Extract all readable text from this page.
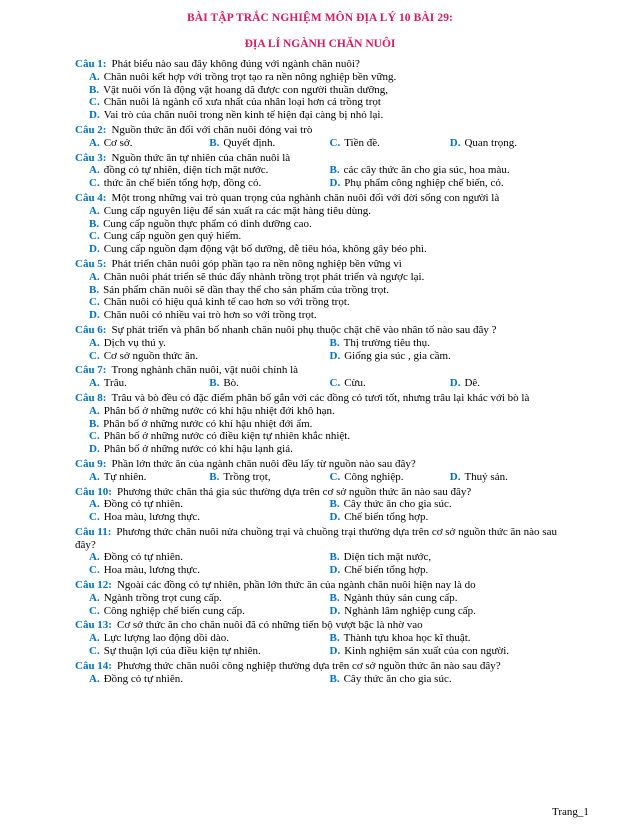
BÀI TẬP TRẮC NGHIỆM MÔN ĐỊA LÝ 10 BÀI 29:
ĐỊA LÍ NGÀNH CHĂN NUÔI
Câu 1: Phát biểu nào sau đây không đúng với ngành chăn nuôi?
A. Chăn nuôi kết hợp với trồng trọt tạo ra nền nông nghiệp bền vững.
B. Vật nuôi vốn là động vật hoang dã được con người thuần dưỡng,
C. Chăn nuôi là ngành cổ xưa nhất của nhân loại hơn cả trồng trọt
D. Vai trò của chăn nuôi trong nền kinh tế hiện đại càng bị nhỏ lại.
Câu 2: Nguồn thức ăn đối với chăn nuôi đóng vai trò
A. Cơ sở.	B. Quyết định.	C. Tiền đề.	D. Quan trọng.
Câu 3: Nguồn thức ăn tự nhiên của chăn nuôi là
A. đồng cỏ tự nhiên, diện tích mặt nước.	B. các cây thức ăn cho gia súc, hoa màu.
C. thức ăn chế biến tổng hợp, đồng cỏ.	D. Phụ phẩm công nghiệp chế biến, cỏ.
Câu 4: Một trong những vai trò quan trọng của nghành chăn nuôi đối với đời sống con người là
A. Cung cấp nguyên liệu để sản xuất ra các mặt hàng tiêu dùng.
B. Cung cấp nguồn thực phẩm có dinh dưỡng cao.
C. Cung cấp nguồn gen quý hiếm.
D. Cung cấp nguồn đạm động vật bổ dưỡng, dễ tiêu hóa, không gây béo phì.
Câu 5: Phát triển chăn nuôi góp phần tạo ra nền nông nghiệp bền vững vì
A. Chăn nuôi phát triển sẽ thúc đẩy nhành trồng trọt phát triển và ngược lại.
B. Sản phẩm chăn nuôi sẽ dần thay thế cho sản phẩm của trồng trọt.
C. Chăn nuôi có hiệu quả kinh tế cao hơn so với trồng trọt.
D. Chăn nuôi có nhiều vai trò hơn so với trồng trọt.
Câu 6: Sự phát triển và phân bố nhanh chăn nuôi phụ thuộc chặt chẽ vào nhân tố nào sau đây ?
A. Dịch vụ thú y.	B. Thị trường tiêu thụ.
C. Cơ sở nguồn thức ăn.	D. Giống gia súc , gia cầm.
Câu 7: Trong nghành chăn nuôi, vật nuôi chính là
A. Trâu.	B. Bò.	C. Cừu.	D. Dê.
Câu 8: Trâu và bò đều có đặc điểm phân bố gắn với các đồng cỏ tươi tốt, nhưng trâu lại khác với bò là
A. Phân bố ở những nước có khí hậu nhiệt đới khô hạn.
B. Phân bố ở những nước có khí hậu nhiệt đới ẩm.
C. Phân bố ở những nước có điều kiện tự nhiên khắc nhiệt.
D. Phân bố ở những nước có khí hậu lạnh giá.
Câu 9: Phần lớn thức ăn của ngành chăn nuôi đều lấy từ nguồn nào sau đây?
A. Tự nhiên.	B. Trồng trọt,	C. Công nghiệp.	D. Thuỷ sản.
Câu 10: Phương thức chăn thả gia súc thường dựa trên cơ sở nguồn thức ăn nào sau đây?
A. Đồng cỏ tự nhiên.	B. Cây thức ăn cho gia súc.
C. Hoa màu, lương thực.	D. Chế biến tổng hợp.
Câu 11: Phương thức chăn nuôi nửa chuồng trại và chuồng trại thường dựa trên cơ sở nguồn thức ăn nào sau đây?
A. Đồng cỏ tự nhiên.	B. Diện tích mặt nước,
C. Hoa màu, lương thực.	D. Chế biến tổng hợp.
Câu 12: Ngoài các đồng cỏ tự nhiên, phần lớn thức ăn của ngành chăn nuôi hiện nay là do
A. Ngành trồng trọt cung cấp.	B. Ngành thủy sản cung cấp.
C. Công nghiệp chế biến cung cấp.	D. Nghành lâm nghiệp cung cấp.
Câu 13: Cơ sở thức ăn cho chăn nuôi đã có những tiến bộ vượt bậc là nhờ vao
A. Lực lượng lao động dồi dào.	B. Thành tựu khoa học kĩ thuật.
C. Sự thuận lợi của điều kiện tự nhiên.	D. Kinh nghiệm sản xuất của con người.
Câu 14: Phương thức chăn nuôi công nghiệp thường dựa trên cơ sở nguồn thức ăn nào sau đây?
A. Đồng cỏ tự nhiên.	B. Cây thức ăn cho gia súc.
Trang_1
